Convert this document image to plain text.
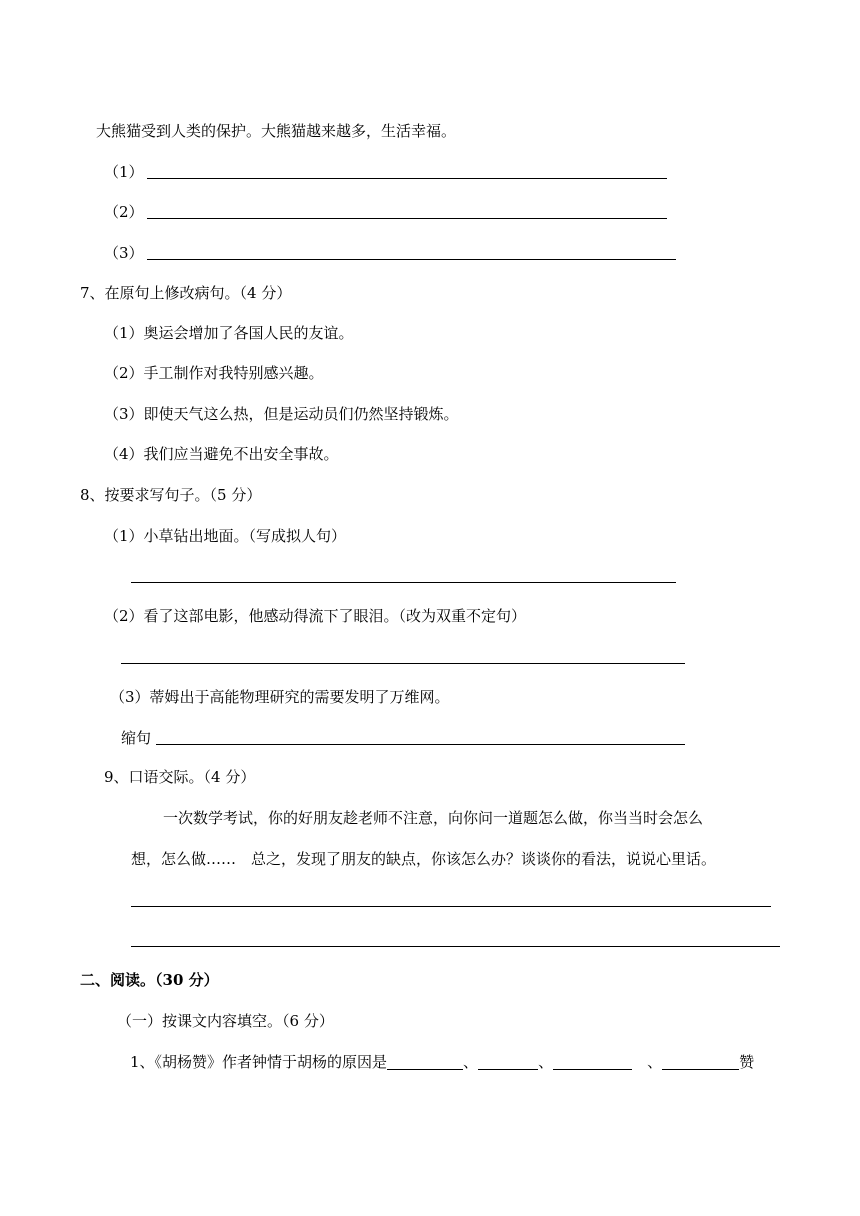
大熊猫受到人类的保护。大熊猫越来越多，生活幸福。
（1）
（2）
（3）
7、在原句上修改病句。（4 分）
（1）奥运会增加了各国人民的友谊。
（2）手工制作对我特别感兴趣。
（3）即使天气这么热，但是运动员们仍然坚持锻炼。
（4）我们应当避免不出安全事故。
8、按要求写句子。（5 分）
（1）小草钻出地面。（写成拟人句）
（2）看了这部电影，他感动得流下了眼泪。（改为双重不定句）
（3）蒂姆出于高能物理研究的需要发明了万维网。
缩句
9、口语交际。（4 分）
一次数学考试，你的好朋友趁老师不注意，向你问一道题怎么做，你当当时会怎么
想，怎么做……　总之，发现了朋友的缺点，你该怎么办？谈谈你的看法，说说心里话。
二、阅读。（30 分）
（一）按课文内容填空。（6 分）
1、《胡杨赞》作者钟情于胡杨的原因是	、	、	　、	赞
